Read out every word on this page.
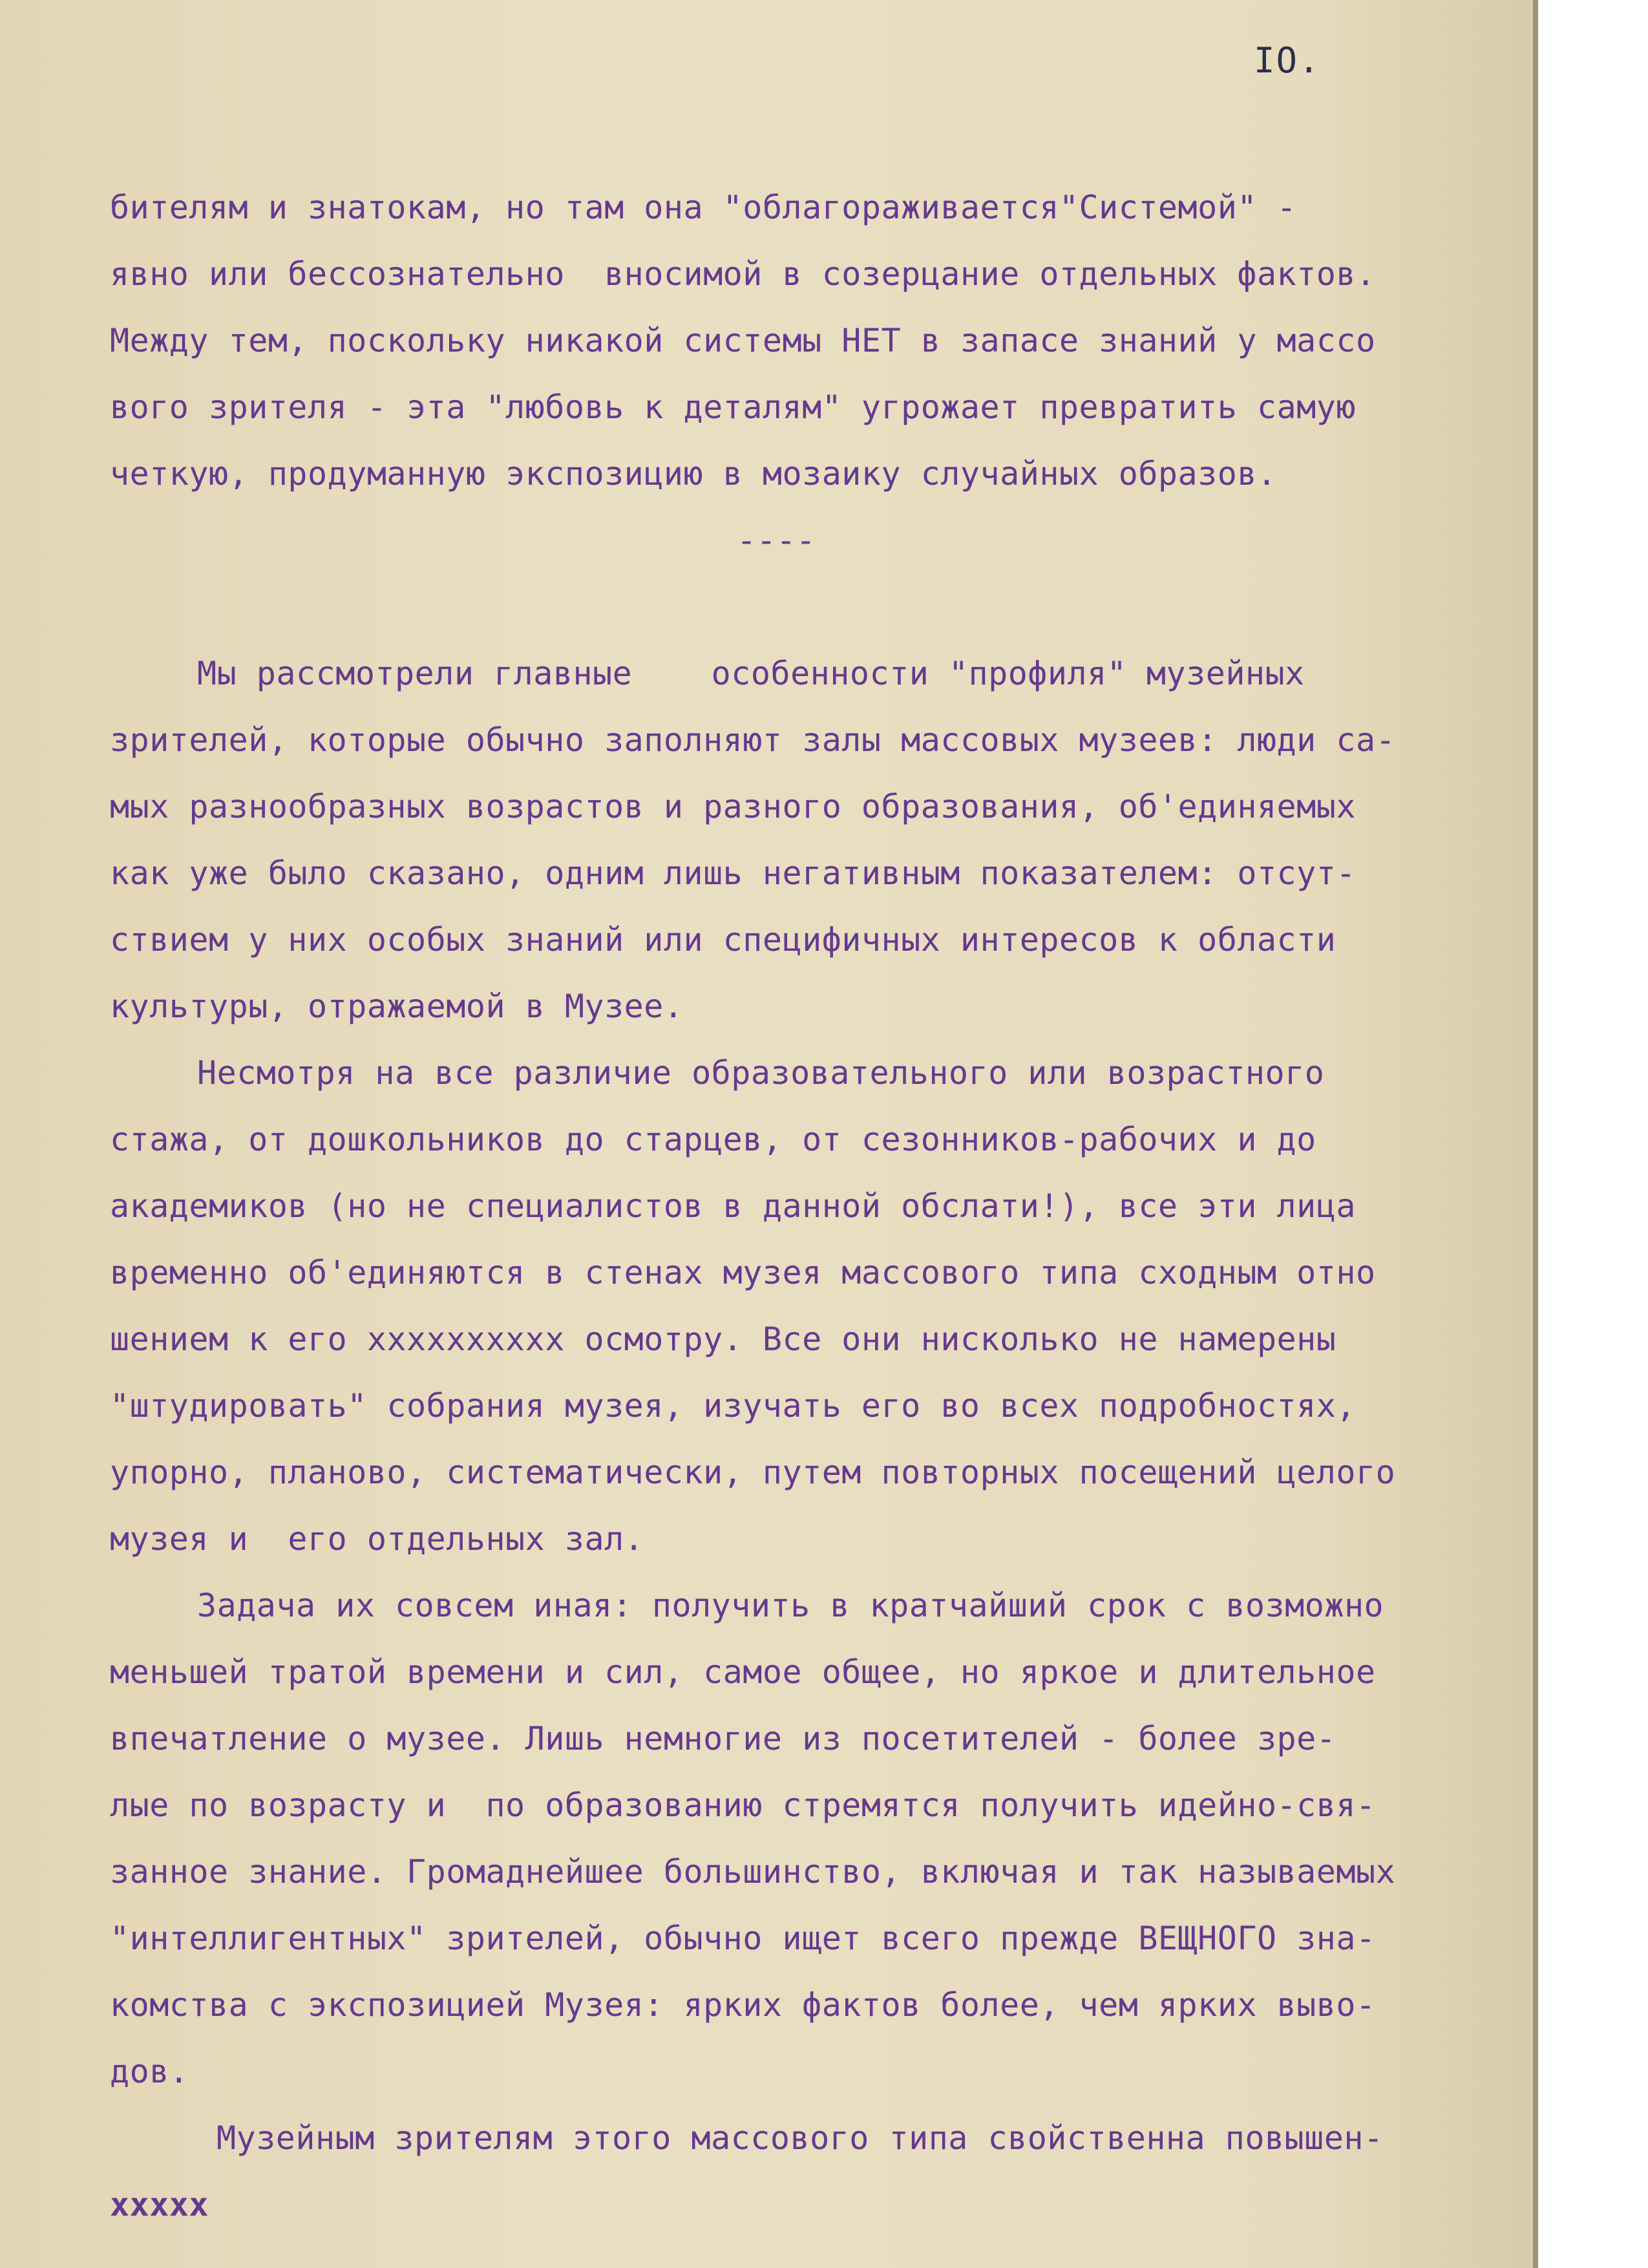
IO.
бителям и знатокам, но там она "облагораживается"Системой" -
явно или бессознательно  вносимой в созерцание отдельных фактов.
Между тем, поскольку никакой системы НЕТ в запасе знаний у массо
вого зрителя - эта "любовь к деталям" угрожает превратить самую
четкую, продуманную экспозицию в мозаику случайных образов.
----
Мы рассмотрели главные    особенности "профиля" музейных
зрителей, которые обычно заполняют залы массовых музеев: люди са-
мых разнообразных возрастов и разного образования, об'единяемых
как уже было сказано, одним лишь негативным показателем: отсут-
ствием у них особых знаний или специфичных интересов к области
культуры, отражаемой в Музее.
Несмотря на все различие образовательного или возрастного
стажа, от дошкольников до старцев, от сезонников-рабочих и до
академиков (но не специалистов в данной обслати!), все эти лица
временно об'единяются в стенах музея массового типа сходным отно
шением к его xxxxxxxxxx осмотру. Все они нисколько не намерены
"штудировать" собрания музея, изучать его во всех подробностях,
упорно, планово, систематически, путем повторных посещений целого
музея и  его отдельных зал.
Задача их совсем иная: получить в кратчайший срок с возможно
меньшей тратой времени и сил, самое общее, но яркое и длительное
впечатление о музее. Лишь немногие из посетителей - более зре-
лые по возрасту и  по образованию стремятся получить идейно-свя-
занное знание. Громаднейшее большинство, включая и так называемых
"интеллигентных" зрителей, обычно ищет всего прежде ВЕЩНОГО зна-
комства с экспозицией Музея: ярких фактов более, чем ярких выво-
дов.
Музейным зрителям этого массового типа свойственна повышен-
xxxxx
